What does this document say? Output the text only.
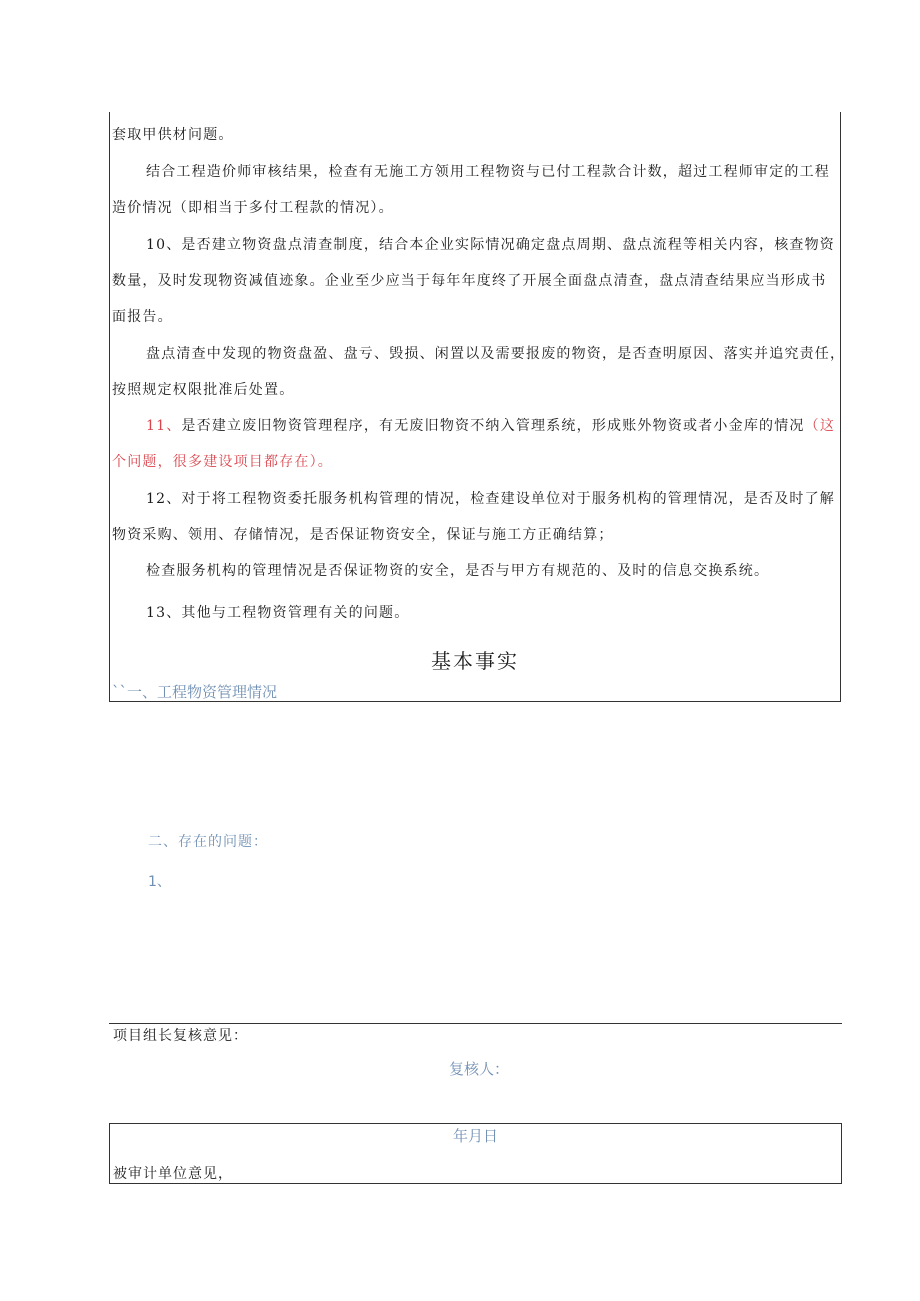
套取甲供材问题。
结合工程造价师审核结果，检查有无施工方领用工程物资与已付工程款合计数，超过工程师审定的工程
造价情况（即相当于多付工程款的情况）。
10、是否建立物资盘点清查制度，结合本企业实际情况确定盘点周期、盘点流程等相关内容，核查物资
数量，及时发现物资减值迹象。企业至少应当于每年年度终了开展全面盘点清查，盘点清查结果应当形成书
面报告。
盘点清查中发现的物资盘盈、盘亏、毁损、闲置以及需要报废的物资，是否查明原因、落实并追究责任，
按照规定权限批准后处置。
11、是否建立废旧物资管理程序，有无废旧物资不纳入管理系统，形成账外物资或者小金库的情况（这
个问题，很多建设项目都存在）。
12、对于将工程物资委托服务机构管理的情况，检查建设单位对于服务机构的管理情况，是否及时了解
物资采购、领用、存储情况，是否保证物资安全，保证与施工方正确结算；
检查服务机构的管理情况是否保证物资的安全，是否与甲方有规范的、及时的信息交换系统。
13、其他与工程物资管理有关的问题。
基本事实
``一、工程物资管理情况
二、存在的问题：
1、
项目组长复核意见：
复核人：
年月日
被审计单位意见，
